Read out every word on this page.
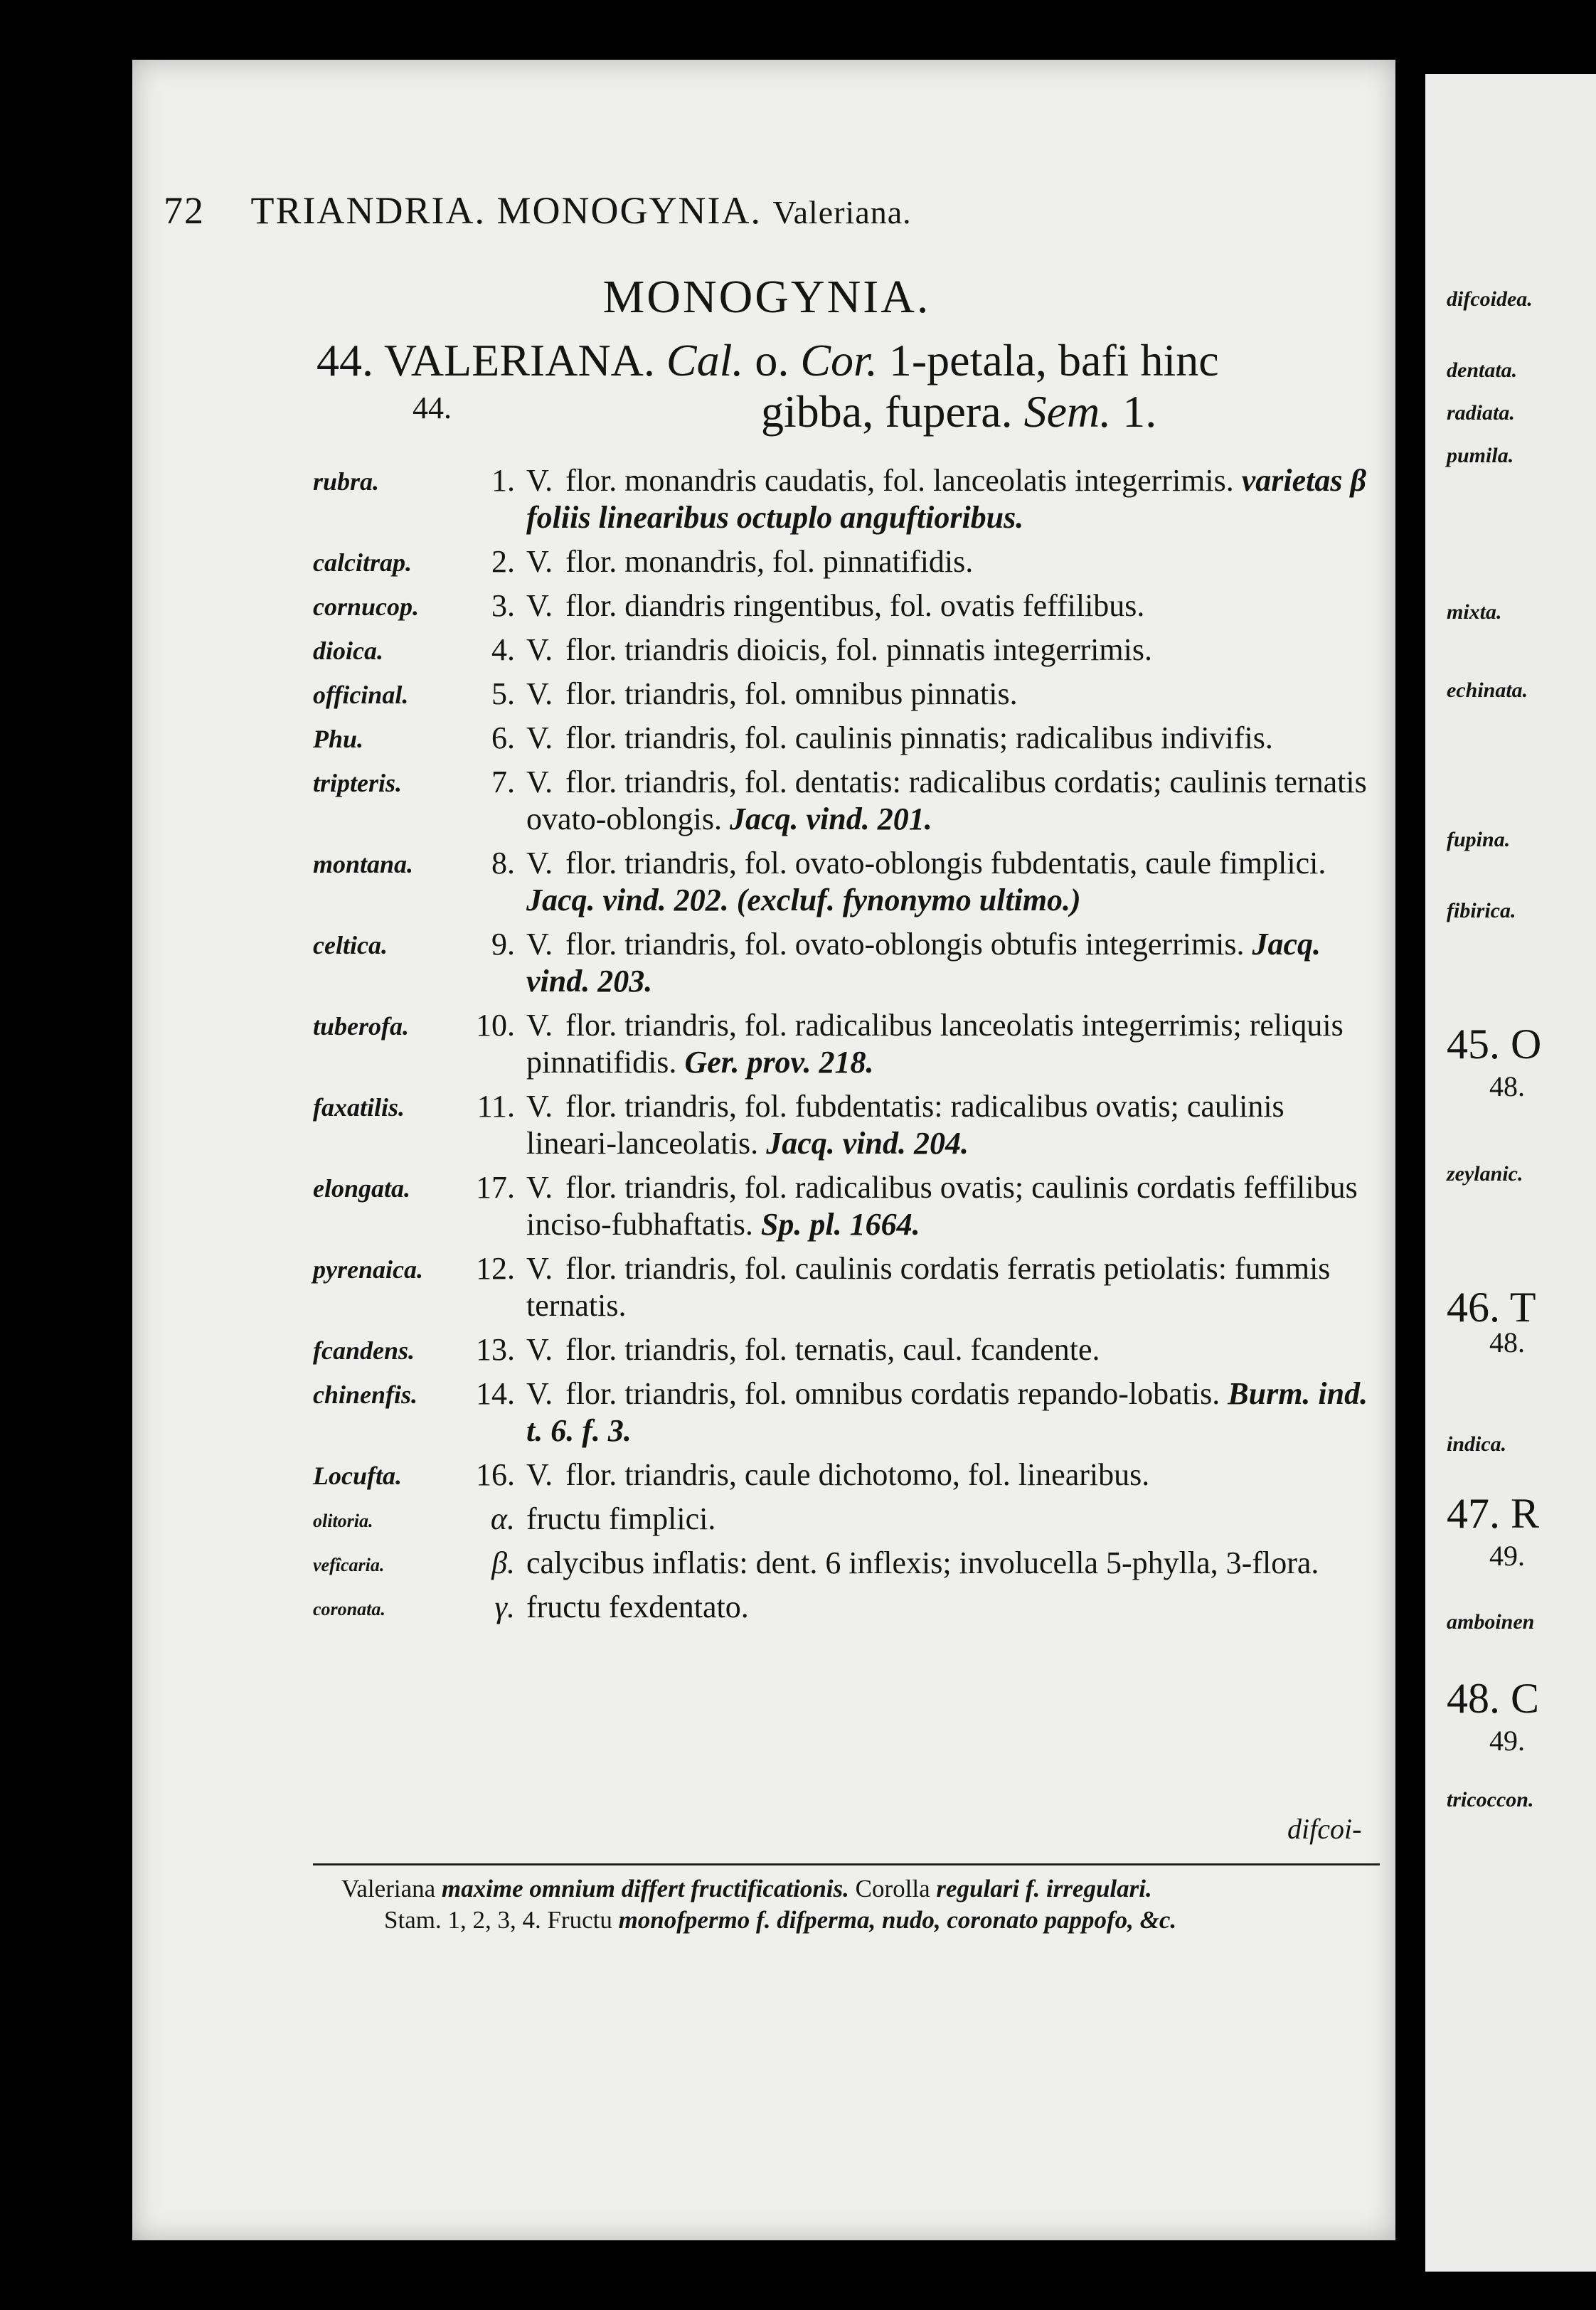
72 TRIANDRIA. MONOGYNIA. Valeriana.
MONOGYNIA.
44. VALERIANA. Cal. o. Cor. 1-petala, bafi hinc
44.	gibba, fupera. Sem. 1.
rubra.	1. V. flor. monandris caudatis, fol. lanceolatis integerrimis. varietas β foliis linearibus octuplo anguftioribus.
calcitrap.	2. V. flor. monandris, fol. pinnatifidis.
cornucop.	3. V. flor. diandris ringentibus, fol. ovatis feffilibus.
dioica.	4. V. flor. triandris dioicis, fol. pinnatis integerrimis.
officinal.	5. V. flor. triandris, fol. omnibus pinnatis.
Phu.	6. V. flor. triandris, fol. caulinis pinnatis; radicalibus indivifis.
tripteris.	7. V. flor. triandris, fol. dentatis: radicalibus cordatis; caulinis ternatis ovato-oblongis. Jacq. vind. 201.
montana.	8. V. flor. triandris, fol. ovato-oblongis fubdentatis, caule fimplici. Jacq. vind. 202. (excluf. fynonymo ultimo.)
celtica.	9. V. flor. triandris, fol. ovato-oblongis obtufis integerrimis. Jacq. vind. 203.
tuberofa.	10. V. flor. triandris, fol. radicalibus lanceolatis integerrimis; reliquis pinnatifidis. Ger. prov. 218.
faxatilis.	11. V. flor. triandris, fol. fubdentatis: radicalibus ovatis; caulinis lineari-lanceolatis. Jacq. vind. 204.
elongata.	17. V. flor. triandris, fol. radicalibus ovatis; caulinis cordatis feffilibus inciso-fubhaftatis. Sp. pl. 1664.
pyrenaica.	12. V. flor. triandris, fol. caulinis cordatis ferratis petiolatis: fummis ternatis.
fcandens.	13. V. flor. triandris, fol. ternatis, caul. fcandente.
chinenfis.	14. V. flor. triandris, fol. omnibus cordatis repando-lobatis. Burm. ind. t. 6. f. 3.
Locufta.	16. V. flor. triandris, caule dichotomo, fol. linearibus.
olitoria.	α. fructu fimplici.
vefîcaria.	β. calycibus inflatis: dent. 6 inflexis; involucella 5-phylla, 3-flora.
coronata.	γ. fructu fexdentato.
difcoi-
Valeriana maxime omnium differt fructificationis. Corolla regulari f. irregulari.
Stam. 1, 2, 3, 4. Fructu monofpermo f. difperma, nudo, coronato pappofo, &c.
difcoidea.
dentata.
radiata.
pumila.
mixta.
echinata.
fupina.
fibirica.
45. O
48.
zeylanic.
46. T
48.
indica.
47. R
49.
amboinen
48. C
49.
tricoccon.
